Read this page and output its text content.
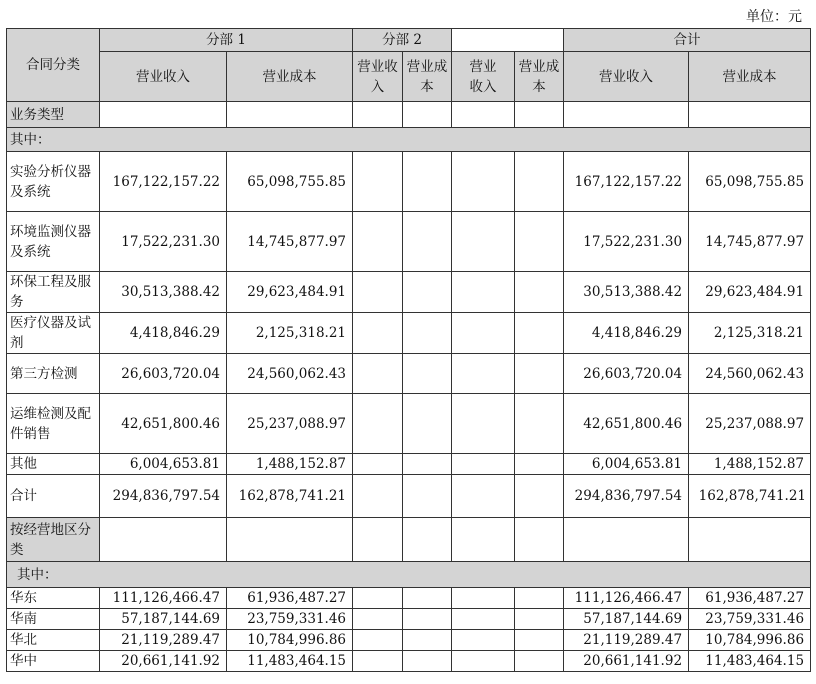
单位：元
合同分类	分部 1		分部 2				合计	
	营业收入	营业成本	营业收入	营业成本	营业收入	营业成本	营业收入	营业成本
业务类型								
其中：								
实验分析仪器及系统	167,122,157.22	65,098,755.85					167,122,157.22	65,098,755.85
环境监测仪器及系统	17,522,231.30	14,745,877.97					17,522,231.30	14,745,877.97
环保工程及服务	30,513,388.42	29,623,484.91					30,513,388.42	29,623,484.91
医疗仪器及试剂	4,418,846.29	2,125,318.21					4,418,846.29	2,125,318.21
第三方检测	26,603,720.04	24,560,062.43					26,603,720.04	24,560,062.43
运维检测及配件销售	42,651,800.46	25,237,088.97					42,651,800.46	25,237,088.97
其他	6,004,653.81	1,488,152.87					6,004,653.81	1,488,152.87
合计	294,836,797.54	162,878,741.21					294,836,797.54	162,878,741.21
按经营地区分类								
其中：								
华东	111,126,466.47	61,936,487.27					111,126,466.47	61,936,487.27
华南	57,187,144.69	23,759,331.46					57,187,144.69	23,759,331.46
华北	21,119,289.47	10,784,996.86					21,119,289.47	10,784,996.86
华中	20,661,141.92	11,483,464.15					20,661,141.92	11,483,464.15
